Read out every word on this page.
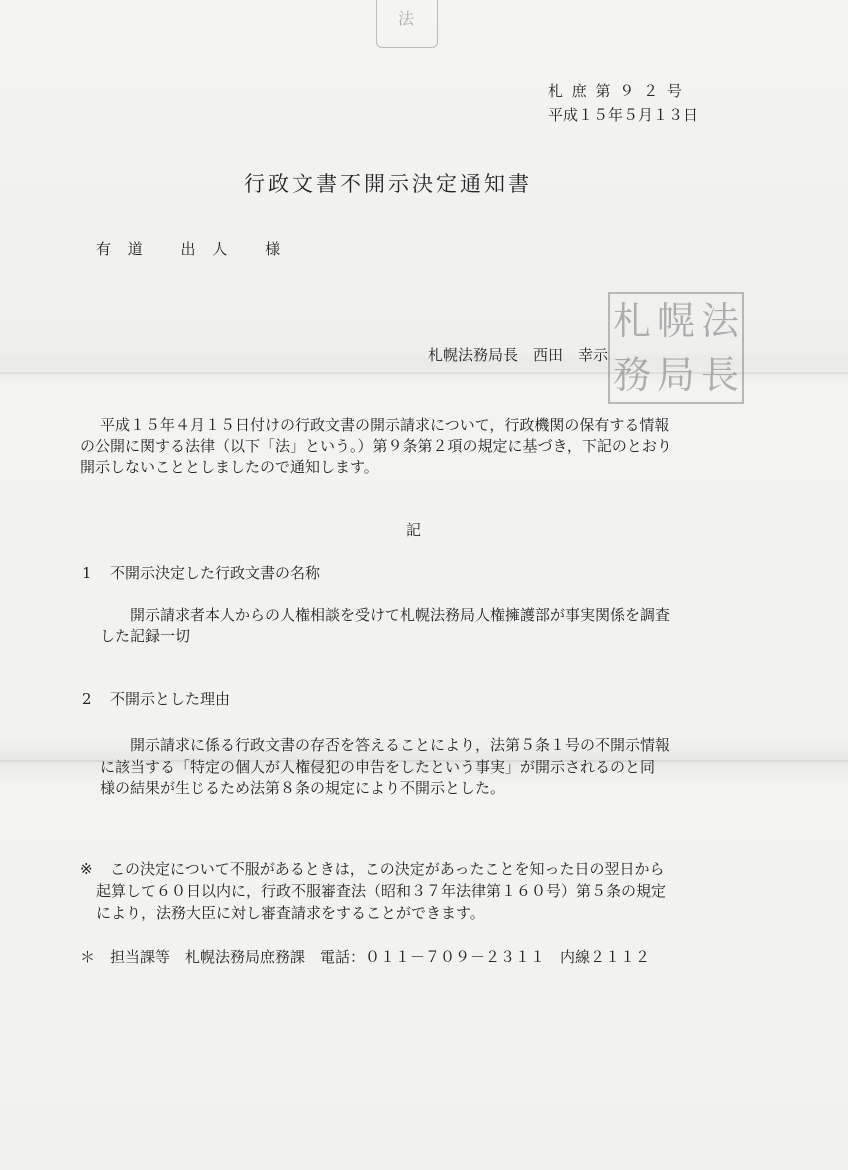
法
札 庶 第 ９ ２ 号
平成１５年５月１３日
行政文書不開示決定通知書
有 道　 出 人　 様
札幌法務局長　西田　幸示
札 幌 法
務 局 長
平成１５年４月１５日付けの行政文書の開示請求について，行政機関の保有する情報
の公開に関する法律（以下「法」という。）第９条第２項の規定に基づき，下記のとおり
開示しないこととしましたので通知します。
記
1 不開示決定した行政文書の名称
開示請求者本人からの人権相談を受けて札幌法務局人権擁護部が事実関係を調査
した記録一切
2 不開示とした理由
開示請求に係る行政文書の存否を答えることにより，法第５条１号の不開示情報
に該当する「特定の個人が人権侵犯の申告をしたという事実」が開示されるのと同
様の結果が生じるため法第８条の規定により不開示とした。
※ この決定について不服があるときは，この決定があったことを知った日の翌日から
起算して６０日以内に，行政不服審査法（昭和３７年法律第１６０号）第５条の規定
により，法務大臣に対し審査請求をすることができます。
＊ 担当課等　札幌法務局庶務課　電話：０１１－７０９－２３１１　内線２１１２
